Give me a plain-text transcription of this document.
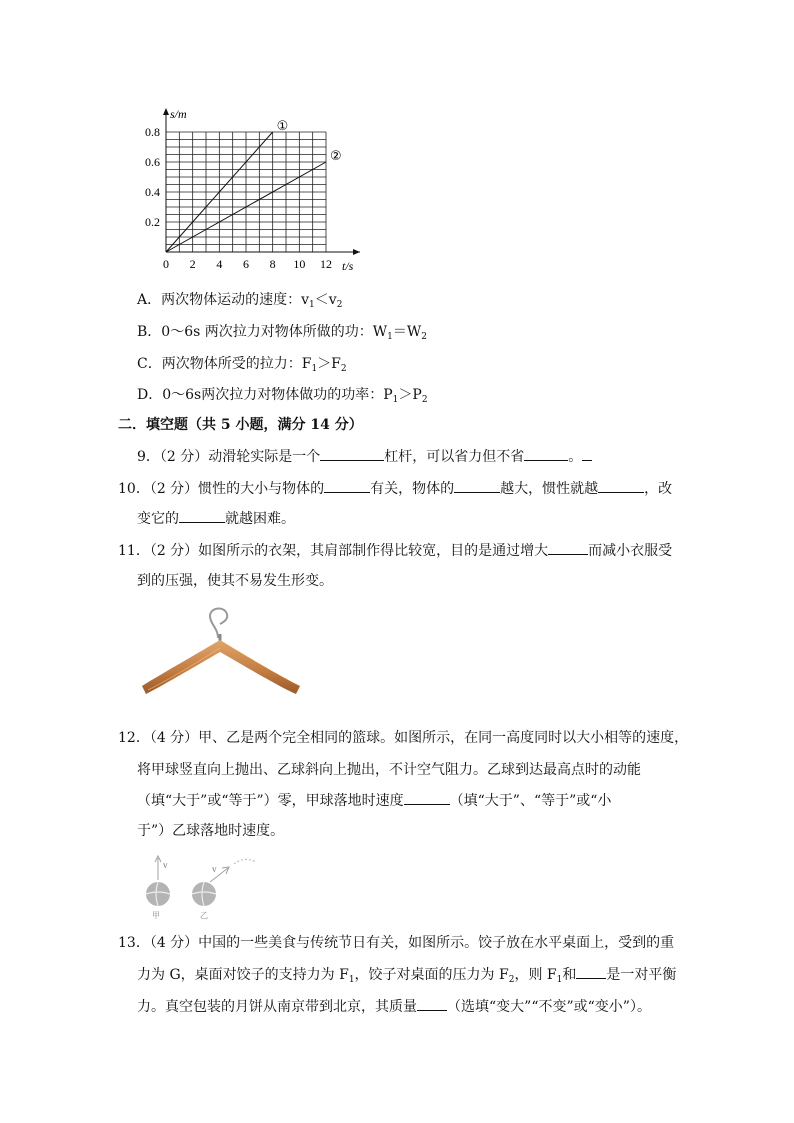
①
②
0 2 4 6 8 10 12
0.2
0.4
0.6
0.8
s/m
t/s
A．两次物体运动的速度：$v_1<v_2$
B．0～6s 两次拉力对物体所做的功：$W_1=W_2$
C．两次物体所受的拉力：$F_1>F_2$
D．0～6s两次拉力对物体做功的功率：$P_1>P_2$
二．填空题（共 5 小题，满分 14 分）
9．（2 分）动滑轮实际是一个	杠杆，可以省力但不省	。
10．（2 分）惯性的大小与物体的	有关，物体的	越大，惯性就越	，改
变它的	就越困难。
11．（2 分）如图所示的衣架，其肩部制作得比较宽，目的是通过增大	而减小衣服受
到的压强，使其不易发生形变。
12．（4 分）甲、乙是两个完全相同的篮球。如图所示，在同一高度同时以大小相等的速度，
将甲球竖直向上抛出、乙球斜向上抛出，不计空气阻力。乙球到达最高点时的动能
（填“大于”或“等于”）零，甲球落地时速度	（填“大于”、“等于”或“小
于”）乙球落地时速度。
v	v
甲	乙
13．（4 分）中国的一些美食与传统节日有关，如图所示。饺子放在水平桌面上，受到的重
力为 G，桌面对饺子的支持力为 $F_1$，饺子对桌面的压力为 $F_2$，则 $F_1$和 是一对平衡
力。真空包装的月饼从南京带到北京，其质量 （选填“变大”“不变”或“变小”）。
